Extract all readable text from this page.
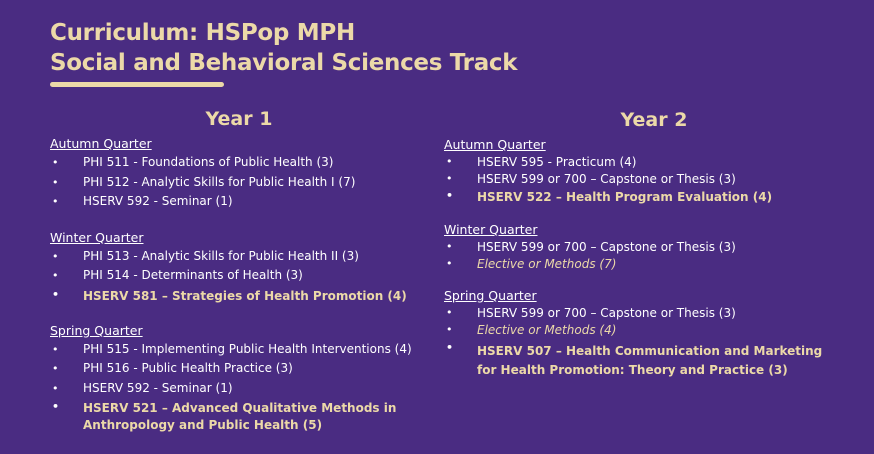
Curriculum: HSPop MPH
Social and Behavioral Sciences Track
Year 1
Autumn Quarter
• PHI 511 - Foundations of Public Health (3)
• PHI 512 - Analytic Skills for Public Health I (7)
• HSERV 592 - Seminar (1)
Winter Quarter
• PHI 513 - Analytic Skills for Public Health II (3)
• PHI 514 - Determinants of Health (3)
• HSERV 581 – Strategies of Health Promotion (4)
Spring Quarter
• PHI 515 - Implementing Public Health Interventions (4)
• PHI 516 - Public Health Practice (3)
• HSERV 592 - Seminar (1)
• HSERV 521 – Advanced Qualitative Methods in Anthropology and Public Health (5)
Year 2
Autumn Quarter
• HSERV 595 - Practicum (4)
• HSERV 599 or 700 – Capstone or Thesis (3)
• HSERV 522 – Health Program Evaluation (4)
Winter Quarter
• HSERV 599 or 700 – Capstone or Thesis (3)
• Elective or Methods (7)
Spring Quarter
• HSERV 599 or 700 – Capstone or Thesis (3)
• Elective or Methods (4)
• HSERV 507 – Health Communication and Marketing for Health Promotion: Theory and Practice (3)
